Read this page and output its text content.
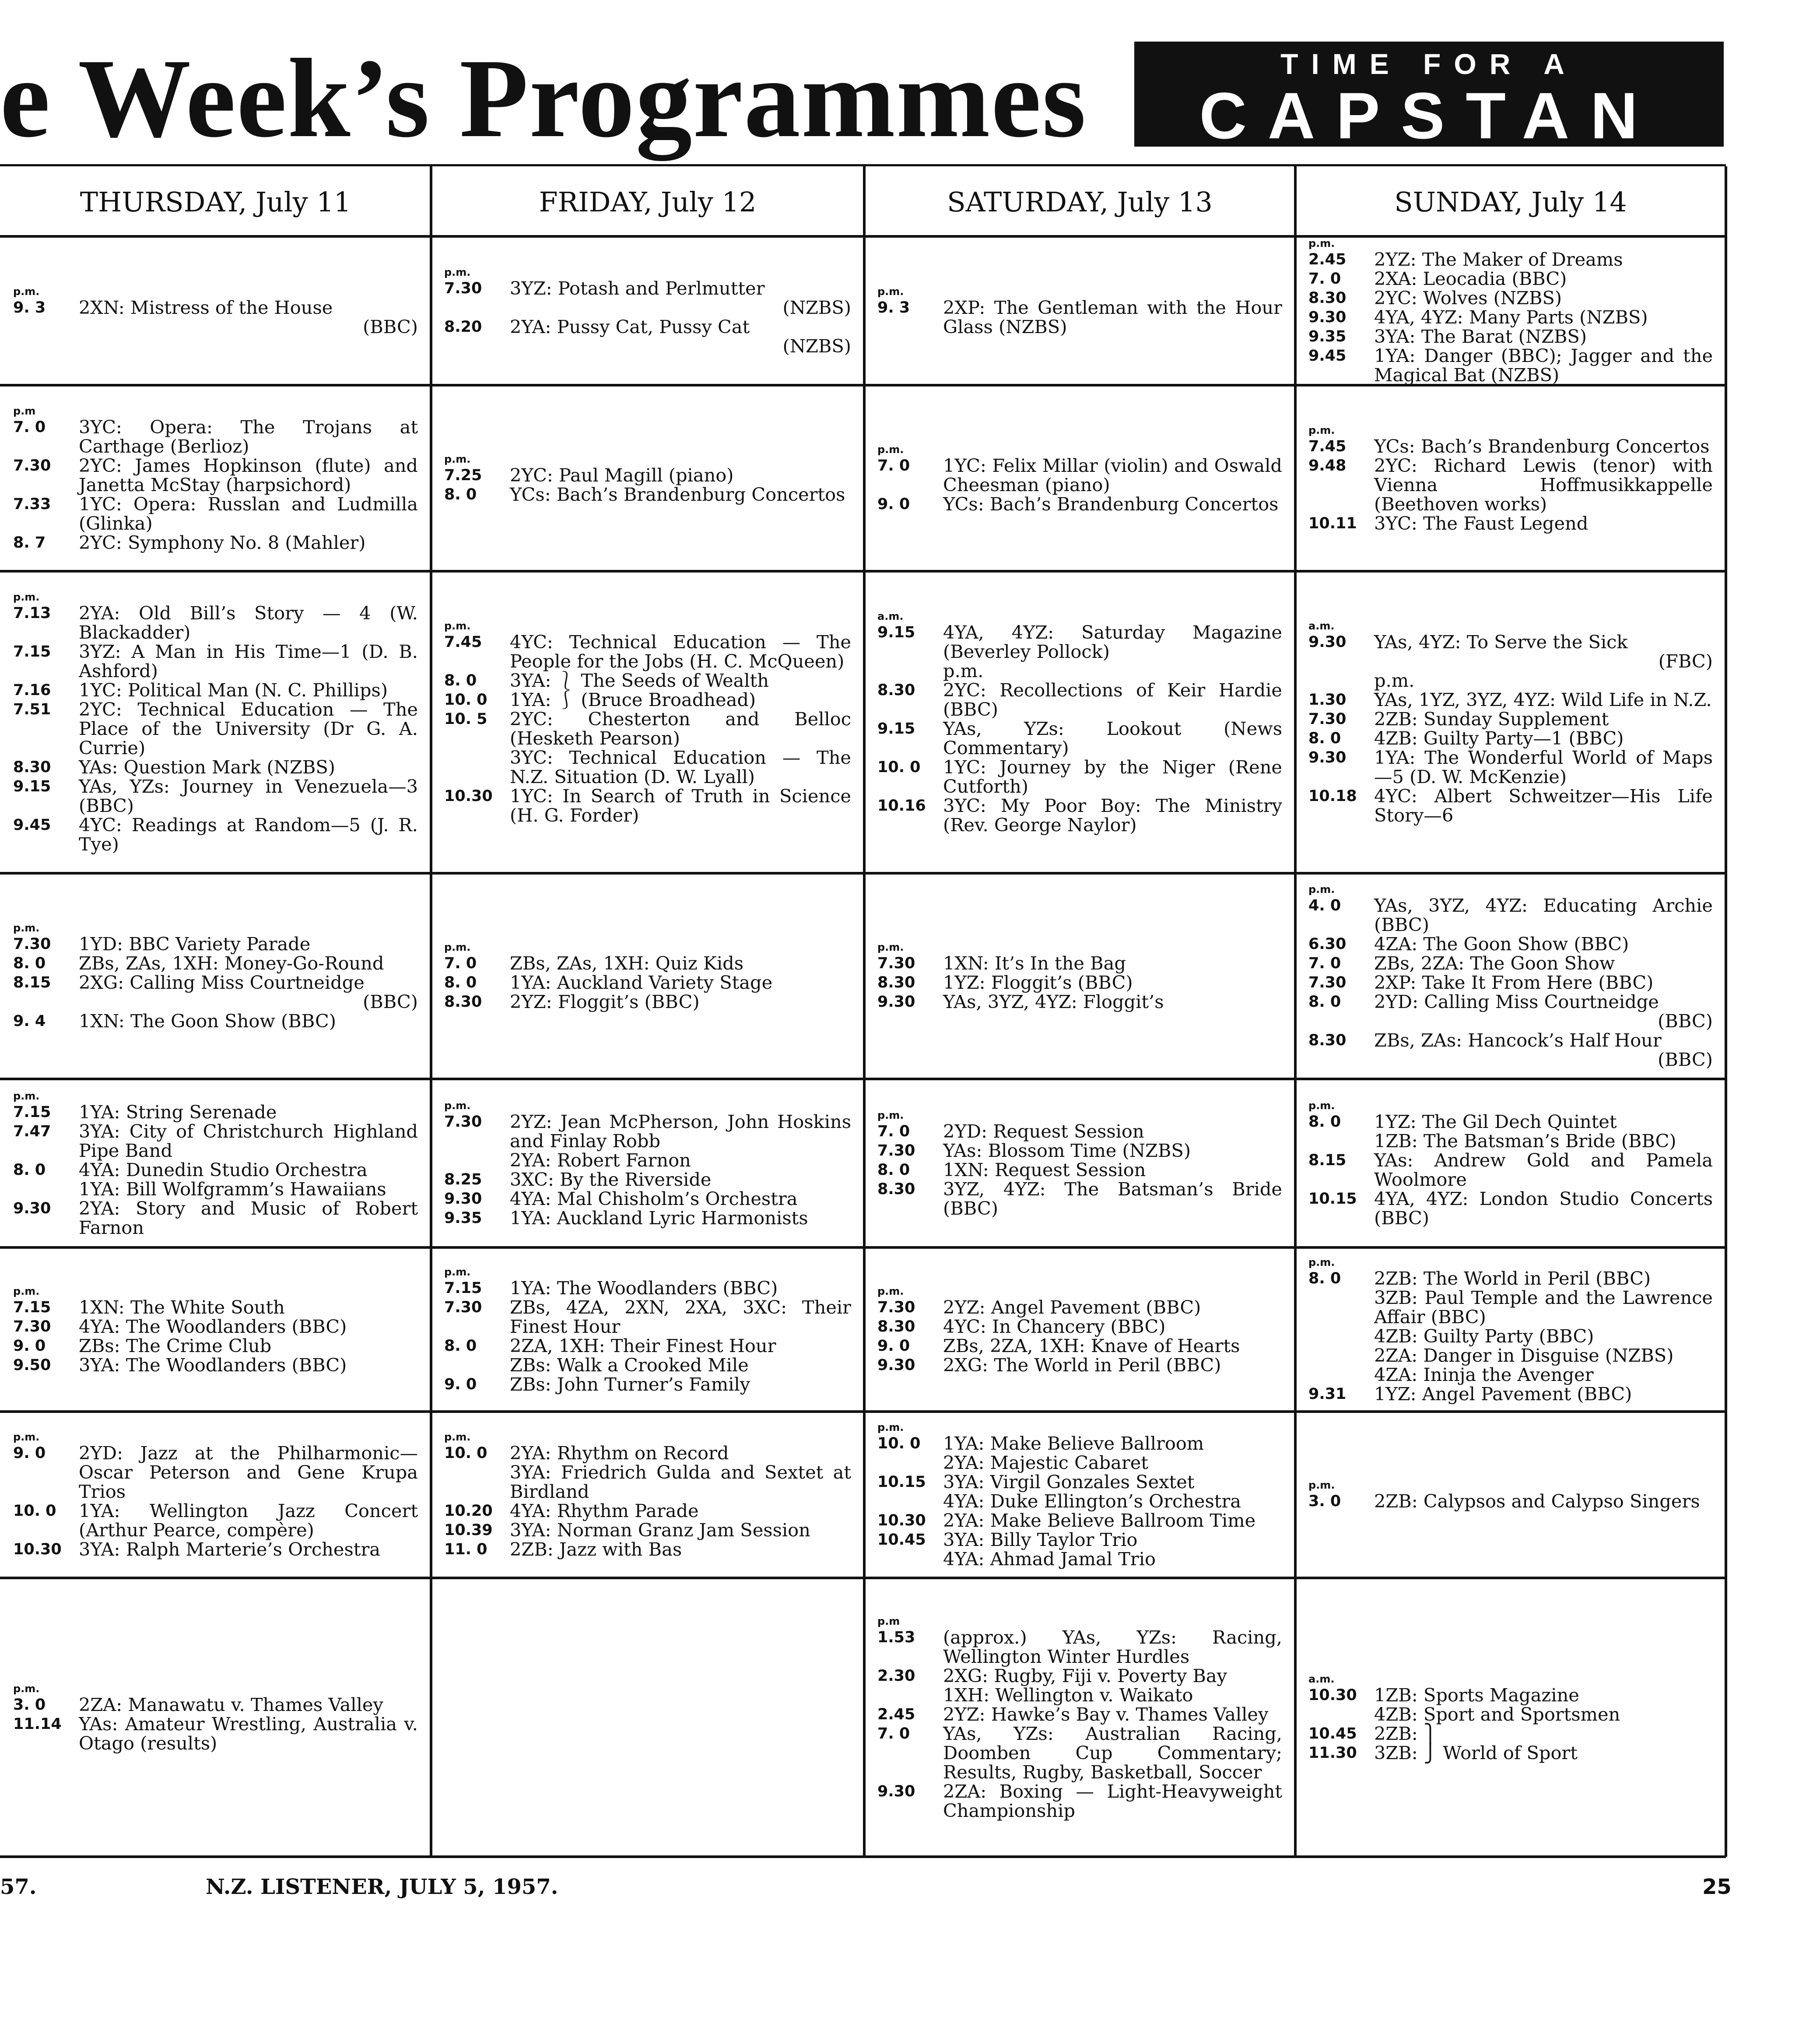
e Week’s Programmes	TIME FOR A
CAPSTAN
THURSDAY, July 11	FRIDAY, July 12	SATURDAY, July 13	SUNDAY, July 14
p.m.
9. 3	2XN: Mistress of the House
(BBC)
p.m.
7.30	3YZ: Potash and Perlmutter
(NZBS)
8.20	2YA: Pussy Cat, Pussy Cat
(NZBS)
p.m.
9. 3	2XP: The Gentleman with the Hour Glass (NZBS)
p.m.
2.45	2YZ: The Maker of Dreams
7. 0	2XA: Leocadia (BBC)
8.30	2YC: Wolves (NZBS)
9.30	4YA, 4YZ: Many Parts (NZBS)
9.35	3YA: The Barat (NZBS)
9.45	1YA: Danger (BBC); Jagger and the Magical Bat (NZBS)
p.m
7. 0	3YC: Opera: The Trojans at Carthage (Berlioz)
7.30	2YC: James Hopkinson (flute) and Janetta McStay (harpsichord)
7.33	1YC: Opera: Russlan and Ludmilla (Glinka)
8. 7	2YC: Symphony No. 8 (Mahler)
p.m.
7.25	2YC: Paul Magill (piano)
8. 0	YCs: Bach’s Brandenburg Concertos
p.m.
7. 0	1YC: Felix Millar (violin) and Oswald Cheesman (piano)
9. 0	YCs: Bach’s Brandenburg Concertos
p.m.
7.45	YCs: Bach’s Brandenburg Concertos
9.48	2YC: Richard Lewis (tenor) with Vienna Hoffmusikkappelle (Beethoven works)
10.11 3YC: The Faust Legend
p.m.
7.13	2YA: Old Bill’s Story — 4 (W. Blackadder)
7.15	3YZ: A Man in His Time—1 (D. B. Ashford)
7.16	1YC: Political Man (N. C. Phillips)
7.51	2YC: Technical Education — The Place of the University (Dr G. A. Currie)
8.30	YAs: Question Mark (NZBS)
9.15	YAs, YZs: Journey in Venezuela—3 (BBC)
9.45	4YC: Readings at Random—5 (J. R. Tye)
p.m.
7.45	4YC: Technical Education — The People for the Jobs (H. C. McQueen)
8. 0	3YA: ⎱ The Seeds of Wealth
10. 0	1YA: ⎰ (Bruce Broadhead)
10. 5	2YC: Chesterton and Belloc (Hesketh Pearson)
3YC: Technical Education — The N.Z. Situation (D. W. Lyall)
10.30 1YC: In Search of Truth in Science (H. G. Forder)
a.m.
9.15	4YA, 4YZ: Saturday Magazine (Beverley Pollock)
p.m.
8.30	2YC: Recollections of Keir Hardie (BBC)
9.15	YAs, YZs: Lookout (News Commentary)
10. 0	1YC: Journey by the Niger (Rene Cutforth)
10.16 3YC: My Poor Boy: The Ministry (Rev. George Naylor)
a.m.
9.30	YAs, 4YZ: To Serve the Sick
(FBC)
p.m.
1.30	YAs, 1YZ, 3YZ, 4YZ: Wild Life in N.Z.
7.30	2ZB: Sunday Supplement
8. 0	4ZB: Guilty Party—1 (BBC)
9.30	1YA: The Wonderful World of Maps—5 (D. W. McKenzie)
10.18 4YC: Albert Schweitzer—His Life Story—6
p.m.
7.30	1YD: BBC Variety Parade
8. 0	ZBs, ZAs, 1XH: Money-Go-Round
8.15	2XG: Calling Miss Courtneidge
(BBC)
9. 4	1XN: The Goon Show (BBC)
p.m.
7. 0	ZBs, ZAs, 1XH: Quiz Kids
8. 0	1YA: Auckland Variety Stage
8.30	2YZ: Floggit’s (BBC)
p.m.
7.30	1XN: It’s In the Bag
8.30	1YZ: Floggit’s (BBC)
9.30	YAs, 3YZ, 4YZ: Floggit’s
p.m.
4. 0	YAs, 3YZ, 4YZ: Educating Archie (BBC)
6.30	4ZA: The Goon Show (BBC)
7. 0	ZBs, 2ZA: The Goon Show
7.30	2XP: Take It From Here (BBC)
8. 0	2YD: Calling Miss Courtneidge
(BBC)
8.30	ZBs, ZAs: Hancock’s Half Hour
(BBC)
p.m.
7.15	1YA: String Serenade
7.47	3YA: City of Christchurch Highland Pipe Band
8. 0	4YA: Dunedin Studio Orchestra
1YA: Bill Wolfgramm’s Hawaiians
9.30	2YA: Story and Music of Robert Farnon
p.m.
7.30	2YZ: Jean McPherson, John Hoskins and Finlay Robb
2YA: Robert Farnon
8.25	3XC: By the Riverside
9.30	4YA: Mal Chisholm’s Orchestra
9.35	1YA: Auckland Lyric Harmonists
p.m.
7. 0	2YD: Request Session
7.30	YAs: Blossom Time (NZBS)
8. 0	1XN: Request Session
8.30	3YZ, 4YZ: The Batsman’s Bride (BBC)
p.m.
8. 0	1YZ: The Gil Dech Quintet
1ZB: The Batsman’s Bride (BBC)
8.15	YAs: Andrew Gold and Pamela Woolmore
10.15 4YA, 4YZ: London Studio Concerts (BBC)
p.m.
7.15	1XN: The White South
7.30	4YA: The Woodlanders (BBC)
9. 0	ZBs: The Crime Club
9.50	3YA: The Woodlanders (BBC)
p.m.
7.15	1YA: The Woodlanders (BBC)
7.30	ZBs, 4ZA, 2XN, 2XA, 3XC: Their Finest Hour
8. 0	2ZA, 1XH: Their Finest Hour
ZBs: Walk a Crooked Mile
9. 0	ZBs: John Turner’s Family
p.m.
7.30	2YZ: Angel Pavement (BBC)
8.30	4YC: In Chancery (BBC)
9. 0	ZBs, 2ZA, 1XH: Knave of Hearts
9.30	2XG: The World in Peril (BBC)
p.m.
8. 0	2ZB: The World in Peril (BBC)
3ZB: Paul Temple and the Lawrence Affair (BBC)
4ZB: Guilty Party (BBC)
2ZA: Danger in Disguise (NZBS)
4ZA: Ininja the Avenger
9.31	1YZ: Angel Pavement (BBC)
p.m.
9. 0	2YD: Jazz at the Philharmonic—Oscar Peterson and Gene Krupa Trios
10. 0	1YA: Wellington Jazz Concert (Arthur Pearce, compère)
10.30 3YA: Ralph Marterie’s Orchestra
p.m.
10. 0	2YA: Rhythm on Record
3YA: Friedrich Gulda and Sextet at Birdland
10.20 4YA: Rhythm Parade
10.39 3YA: Norman Granz Jam Session
11. 0	2ZB: Jazz with Bas
p.m.
10. 0	1YA: Make Believe Ballroom
2YA: Majestic Cabaret
10.15 3YA: Virgil Gonzales Sextet
4YA: Duke Ellington’s Orchestra
10.30 2YA: Make Believe Ballroom Time
10.45 3YA: Billy Taylor Trio
4YA: Ahmad Jamal Trio
p.m.
3. 0	2ZB: Calypsos and Calypso Singers
p.m.
3. 0	2ZA: Manawatu v. Thames Valley
11.14 YAs: Amateur Wrestling, Australia v. Otago (results)
p.m
1.53	(approx.) YAs, YZs: Racing, Wellington Winter Hurdles
2.30	2XG: Rugby, Fiji v. Poverty Bay
1XH: Wellington v. Waikato
2.45	2YZ: Hawke’s Bay v. Thames Valley
7. 0	YAs, YZs: Australian Racing, Doomben Cup Commentary; Results, Rugby, Basketball, Soccer
9.30	2ZA: Boxing — Light-Heavyweight Championship
a.m.
10.30 1ZB: Sports Magazine
4ZB: Sport and Sportsmen
10.45 2ZB: ⎫
11.30 3ZB: ⎭ World of Sport
57.	N.Z. LISTENER, JULY 5, 1957.	25
